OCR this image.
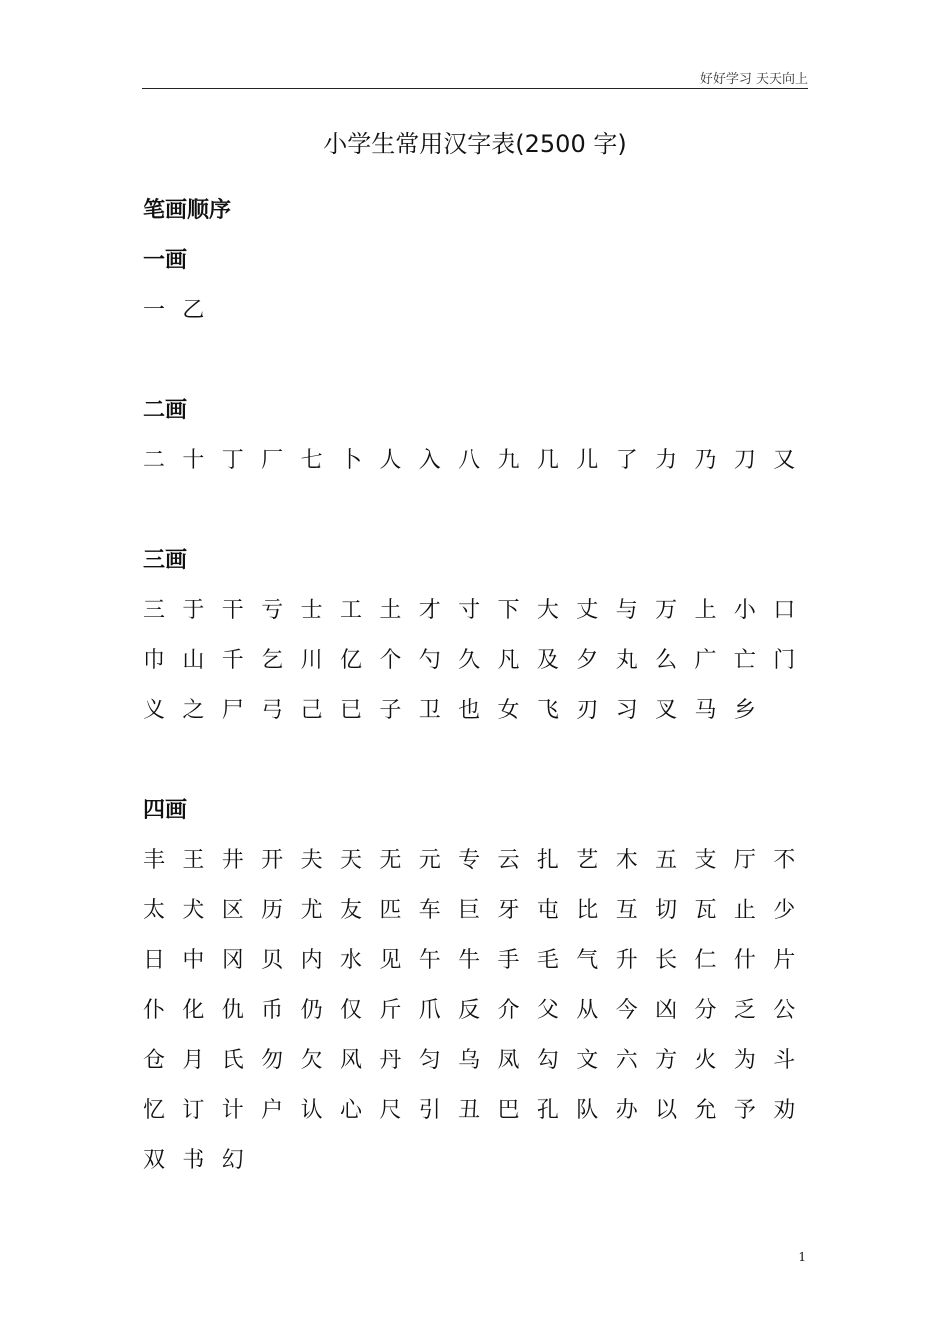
好好学习 天天向上
小学生常用汉字表(2500 字)
笔画顺序
一画
一 乙
二画
二 十 丁 厂 七 卜 人 入 八 九 几 儿 了 力 乃 刀 又
三画
三 于 干 亏 士 工 土 才 寸 下 大 丈 与 万 上 小 口
巾 山 千 乞 川 亿 个 勺 久 凡 及 夕 丸 么 广 亡 门
义 之 尸 弓 己 已 子 卫 也 女 飞 刃 习 叉 马 乡
四画
丰 王 井 开 夫 天 无 元 专 云 扎 艺 木 五 支 厅 不
太 犬 区 历 尤 友 匹 车 巨 牙 屯 比 互 切 瓦 止 少
日 中 冈 贝 内 水 见 午 牛 手 毛 气 升 长 仁 什 片
仆 化 仇 币 仍 仅 斤 爪 反 介 父 从 今 凶 分 乏 公
仓 月 氏 勿 欠 风 丹 匀 乌 凤 勾 文 六 方 火 为 斗
忆 订 计 户 认 心 尺 引 丑 巴 孔 队 办 以 允 予 劝
双 书 幻
1
